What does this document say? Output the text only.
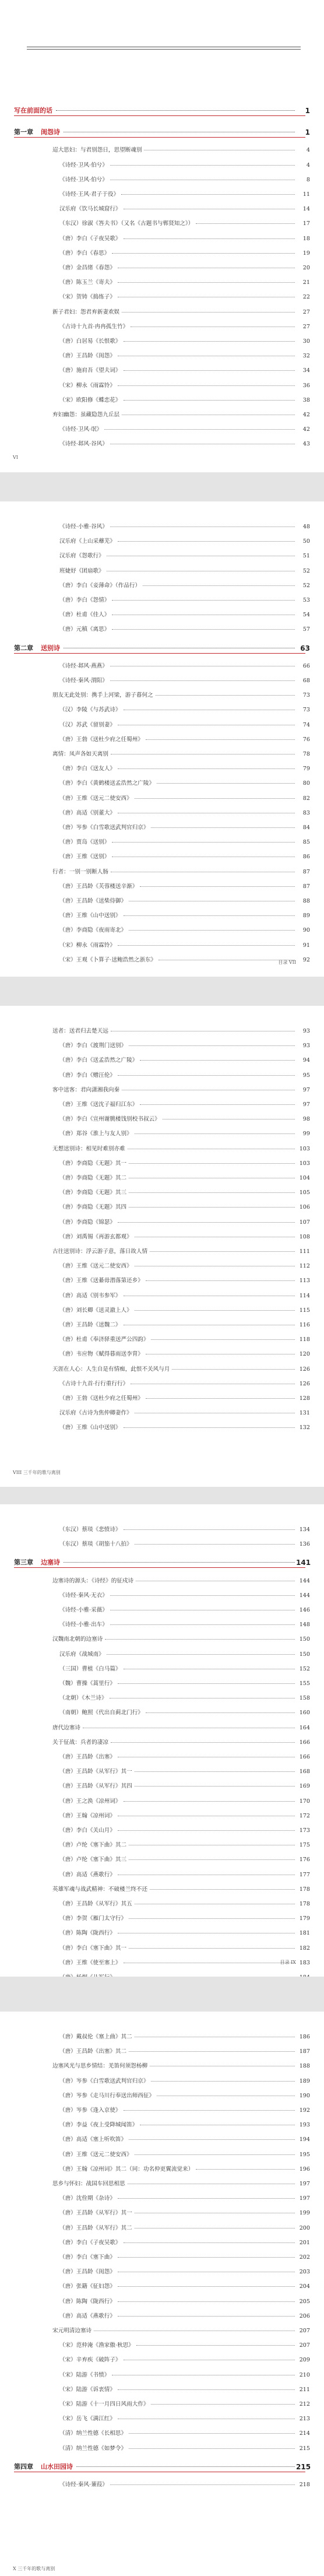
写在前面的话	1
第一章 闺怨诗	1
迢大思妇：与君别怨日，思望断魂别	4
《诗经·卫风·伯兮》	4
《诗经·卫风·伯兮》	8
《诗经·王风·君子于役》	11
汉乐府《饮马长城窟行》	14
（东汉）徐淑《答夫书》（又名《古题书与郸贤知之》）	17
（唐）李白《子夜吴歌》	18
（唐）李白《春思》	19
（唐）金昌绪《春怨》	20
（唐）陈玉兰《寄夫》	21
（宋）贺铸《捣练子》	22
新子君妇：怨君弃新妻欢娱	27
《古诗十九首·冉冉孤生竹》	27
（唐）白居易《长恨歌》	30
（唐）王昌龄《闺怨》	32
（唐）施肩吾《望夫词》	34
（宋）柳永《雨霖铃》	36
（宋）欧阳修《蝶恋花》	38
弃妇幽怨：虽藏隐怨九丘层	42
《诗经·卫风·氓》	42
《诗经·邶风·谷风》	43
VI
《诗经·小雅·谷风》	48
汉乐府《上山采蘼芜》	50
汉乐府《怨歌行》	51
班婕妤《团扇歌》	52
（唐）李白《妾薄命》（作品行）	52
（唐）李白《怨情》	53
（唐）杜甫《佳人》	54
（唐）元稹《离思》	57
第二章 送别诗	63
《诗经·邶风·燕燕》	66
《诗经·秦风·渭阳》	68
朋友无此处别：携手上河梁，游子暮何之	73
（汉）李陵《与苏武诗》	73
（汉）苏武《留别妻》	74
（唐）王勃《送杜少府之任蜀州》	76
离情：凤声各如天离别	78
（唐）李白《送友人》	79
（唐）李白《黄鹤楼送孟浩然之广陵》	80
（唐）王维《送元二使安西》	82
（唐）高适《别董大》	83
（唐）岑参《白雪歌送武判官归京》	84
（唐）贾岛《送别》	85
（唐）王维《送别》	86
行者：一别一别断人肠	87
（唐）王昌龄《芙蓉楼送辛渐》	87
（唐）王昌龄《送柴侍御》	88
（唐）王维《山中送别》	89
（唐）李商隐《夜雨寄北》	90
（宋）柳永《雨霖铃》	91
（宋）王观《卜算子·送鲍浩然之浙东》	92
目录 VII
送者：送君归去楚天远	93
（唐）李白《渡荆门送别》	93
（唐）李白《送孟浩然之广陵》	94
（唐）李白《赠汪伦》	95
客中送客：君向潇湘我向秦	97
（唐）王维《送沈子福归江东》	97
（唐）李白《宣州谢朓楼饯别校书叔云》	98
（唐）郑谷《淮上与友人别》	99
无想送别诗：相见时难别亦难	103
（唐）李商隐《无题》其一	103
（唐）李商隐《无题》其二	104
（唐）李商隐《无题》其三	105
（唐）李商隐《无题》其四	106
（唐）李商隐《锦瑟》	107
（唐）刘禹锡《再游玄都观》	108
古往送别诗：浮云游子意，落日故人情	111
（唐）王维《送元二使安西》	112
（唐）王维《送綦毋潜落第还乡》	113
（唐）高适《别韦参军》	114
（唐）刘长卿《送灵澈上人》	115
（唐）王昌龄《送魏二》	116
（唐）杜甫《奉济驿重送严公四韵》	118
（唐）韦应物《赋得暮雨送李胄》	120
天涯在人心：人生自是有情痴，此恨不关风与月	126
《古诗十九首·行行重行行》	126
（唐）王勃《送杜少府之任蜀州》	128
汉乐府《古诗为焦仲卿妻作》	131
（唐）王维《山中送别》	132
VIII 三千年的歌与离别
（东汉）蔡琰《悲愤诗》	134
（东汉）蔡琰《胡笳十八拍》	136
第三章 边塞诗	141
边塞诗的源头：《诗经》的征戍诗	144
《诗经·秦风·无衣》	144
《诗经·小雅·采薇》	146
《诗经·小雅·出车》	148
汉魏南北朝的边塞诗	150
汉乐府《战城南》	150
（三国）曹植《白马篇》	152
（魏）曹操《蒿里行》	155
（北朝）《木兰诗》	158
（南朝）鲍照《代出自蓟北门行》	160
唐代边塞诗	164
关于征战：兵者的凄凉	166
（唐）王昌龄《出塞》	166
（唐）王昌龄《从军行》其一	168
（唐）王昌龄《从军行》其四	169
（唐）王之涣《凉州词》	170
（唐）王翰《凉州词》	172
（唐）李白《关山月》	173
（唐）卢纶《塞下曲》其二	175
（唐）卢纶《塞下曲》其三	176
（唐）高适《燕歌行》	177
英雄军魂与战武精神：不破楼兰终不还	178
（唐）王昌龄《从军行》其五	178
（唐）李贺《雁门太守行》	179
（唐）陈陶《陇西行》	181
（唐）李白《塞下曲》其一	182
（唐）王维《使至塞上》	183
目录 IX
（唐）戴叔伦《塞上曲》其二	186
（唐）王昌龄《出塞》其二	187
边塞风光与思乡情结：羌笛何须怨杨柳	188
（唐）岑参《白雪歌送武判官归京》	189
（唐）岑参《走马川行奉送出师西征》	190
（唐）岑参《逢入京使》	192
（唐）李益《夜上受降城闻笛》	193
（唐）高适《塞上听吹笛》	194
（唐）王维《送元二使安西》	195
（唐）王翰《凉州词》其二（同：功名仲更翼流觉来）	196
思乡与怀妇：战国车回思相思	197
（唐）沈佺期《杂诗》	197
（唐）王昌龄《从军行》其一	199
（唐）王昌龄《从军行》其二	200
（唐）李白《子夜吴歌》	201
（唐）李白《塞下曲》	202
（唐）王昌龄《闺怨》	203
（唐）张籍《征妇怨》	204
（唐）陈陶《陇西行》	205
（唐）高适《燕歌行》	206
宋元明清边塞诗	207
（宋）范仲淹《渔家傲·秋思》	207
（宋）辛弃疾《破阵子》	209
（宋）陆游《书愤》	210
（宋）陆游《诉衷情》	211
（宋）陆游《十一月四日风雨大作》	212
（宋）岳飞《满江红》	213
（清）纳兰性德《长相思》	214
（清）纳兰性德《如梦令》	215
第四章 山水田园诗	215
《诗经·秦风·蒹葭》	218
X 三千年的歌与离别
